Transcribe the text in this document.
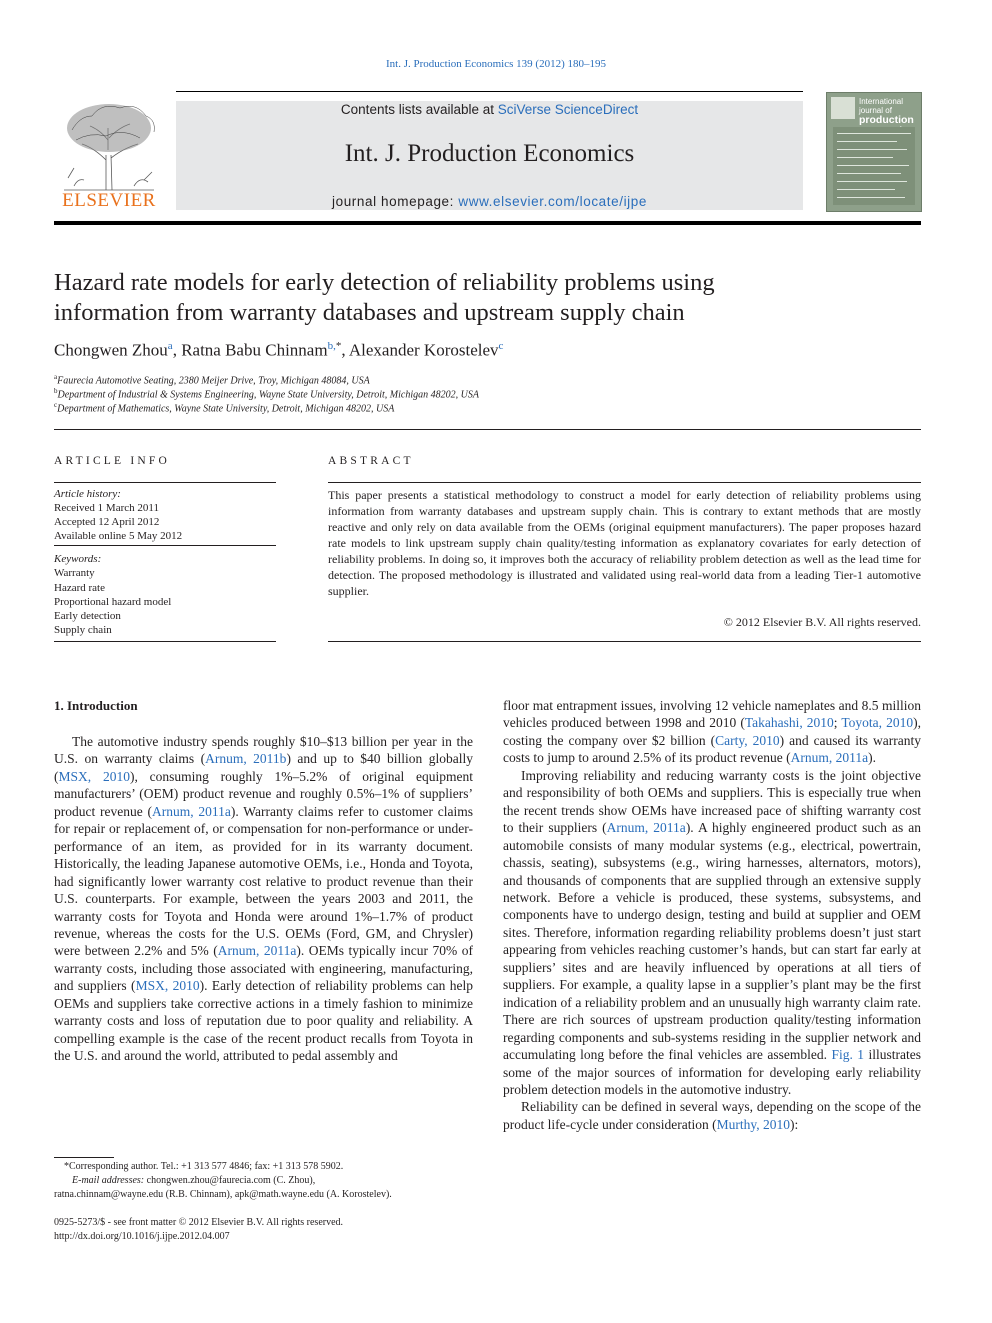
Int. J. Production Economics 139 (2012) 180–195
ELSEVIER
Contents lists available at SciVerse ScienceDirect
Int. J. Production Economics
journal homepage: www.elsevier.com/locate/ijpe
International journal of
production
Hazard rate models for early detection of reliability problems using
information from warranty databases and upstream supply chain
Chongwen Zhou$^a$, Ratna Babu Chinnam$^{b,*}$, Alexander Korostelev$^c$
$^a$Faurecia Automotive Seating, 2380 Meijer Drive, Troy, Michigan 48084, USA
$^b$Department of Industrial & Systems Engineering, Wayne State University, Detroit, Michigan 48202, USA
$^c$Department of Mathematics, Wayne State University, Detroit, Michigan 48202, USA
ARTICLE INFO
Article history:
Received 1 March 2011
Accepted 12 April 2012
Available online 5 May 2012
Keywords:
Warranty
Hazard rate
Proportional hazard model
Early detection
Supply chain
ABSTRACT
This paper presents a statistical methodology to construct a model for early detection of reliability problems using information from warranty databases and upstream supply chain. This is contrary to extant methods that are mostly reactive and only rely on data available from the OEMs (original equipment manufacturers). The paper proposes hazard rate models to link upstream supply chain quality/testing information as explanatory covariates for early detection of reliability problems. In doing so, it improves both the accuracy of reliability problem detection as well as the lead time for detection. The proposed methodology is illustrated and validated using real-world data from a leading Tier-1 automotive supplier.
© 2012 Elsevier B.V. All rights reserved.
1. Introduction

The automotive industry spends roughly $10–$13 billion per year in the U.S. on warranty claims (Arnum, 2011b) and up to $40 billion globally (MSX, 2010), consuming roughly 1%–5.2% of original equipment manufacturers’ (OEM) product revenue and roughly 0.5%–1% of suppliers’ product revenue (Arnum, 2011a). Warranty claims refer to customer claims for repair or replacement of, or compensation for non-performance or under-performance of an item, as provided for in its warranty document. Historically, the leading Japanese automotive OEMs, i.e., Honda and Toyota, had significantly lower warranty cost relative to product revenue than their U.S. counterparts. For example, between the years 2003 and 2011, the warranty costs for Toyota and Honda were around 1%–1.7% of product revenue, whereas the costs for the U.S. OEMs (Ford, GM, and Chrysler) were between 2.2% and 5% (Arnum, 2011a). OEMs typically incur 70% of warranty costs, including those associated with engineering, manufacturing, and suppliers (MSX, 2010). Early detection of reliability problems can help OEMs and suppliers take corrective actions in a timely fashion to minimize warranty costs and loss of reputation due to poor quality and reliability. A compelling example is the case of the recent product recalls from Toyota in the U.S. and around the world, attributed to pedal assembly and

floor mat entrapment issues, involving 12 vehicle nameplates and 8.5 million vehicles produced between 1998 and 2010 (Takahashi, 2010; Toyota, 2010), costing the company over $2 billion (Carty, 2010) and caused its warranty costs to jump to around 2.5% of its product revenue (Arnum, 2011a).

Improving reliability and reducing warranty costs is the joint objective and responsibility of both OEMs and suppliers. This is especially true when the recent trends show OEMs have increased pace of shifting warranty cost to their suppliers (Arnum, 2011a). A highly engineered product such as an automobile consists of many modular systems (e.g., electrical, powertrain, chassis, seating), subsystems (e.g., wiring harnesses, alternators, motors), and thousands of components that are supplied through an extensive supply network. Before a vehicle is produced, these systems, subsystems, and components have to undergo design, testing and build at supplier and OEM sites. Therefore, information regarding reliability problems doesn’t just start appearing from vehicles reaching customer’s hands, but can start far early at suppliers’ sites and are heavily influenced by operations at all tiers of suppliers. For example, a quality lapse in a supplier’s plant may be the first indication of a reliability problem and an unusually high warranty claim rate. There are rich sources of upstream production quality/testing information regarding components and sub-systems residing in the supplier network and accumulating long before the final vehicles are assembled. Fig. 1 illustrates some of the major sources of information for developing early reliability problem detection models in the automotive industry.

Reliability can be defined in several ways, depending on the scope of the product life-cycle under consideration (Murthy, 2010):

*Corresponding author. Tel.: +1 313 577 4846; fax: +1 313 578 5902.
E-mail addresses: chongwen.zhou@faurecia.com (C. Zhou),
ratna.chinnam@wayne.edu (R.B. Chinnam), apk@math.wayne.edu (A. Korostelev).
0925-5273/$ - see front matter © 2012 Elsevier B.V. All rights reserved.
http://dx.doi.org/10.1016/j.ijpe.2012.04.007
